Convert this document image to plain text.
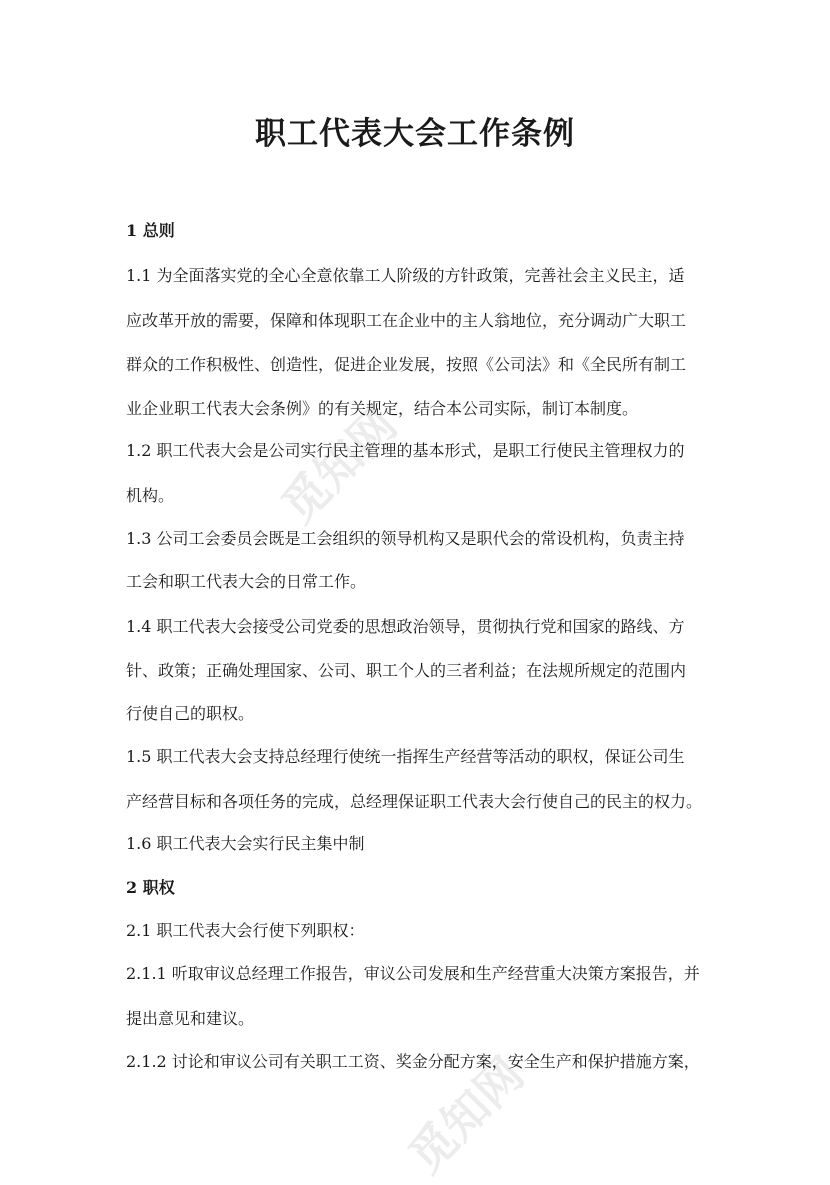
觅知网
觅知网
职工代表大会工作条例

1 总则

1.1 为全面落实党的全心全意依靠工人阶级的方针政策，完善社会主义民主，适

应改革开放的需要，保障和体现职工在企业中的主人翁地位，充分调动广大职工

群众的工作积极性、创造性，促进企业发展，按照《公司法》和《全民所有制工

业企业职工代表大会条例》的有关规定，结合本公司实际，制订本制度。

1.2 职工代表大会是公司实行民主管理的基本形式，是职工行使民主管理权力的

机构。

1.3 公司工会委员会既是工会组织的领导机构又是职代会的常设机构，负责主持

工会和职工代表大会的日常工作。

1.4 职工代表大会接受公司党委的思想政治领导，贯彻执行党和国家的路线、方

针、政策；正确处理国家、公司、职工个人的三者利益；在法规所规定的范围内

行使自己的职权。

1.5 职工代表大会支持总经理行使统一指挥生产经营等活动的职权，保证公司生

产经营目标和各项任务的完成，总经理保证职工代表大会行使自己的民主的权力。

1.6 职工代表大会实行民主集中制

2 职权

2.1 职工代表大会行使下列职权：

2.1.1 听取审议总经理工作报告，审议公司发展和生产经营重大决策方案报告，并

提出意见和建议。

2.1.2 讨论和审议公司有关职工工资、奖金分配方案，安全生产和保护措施方案，
